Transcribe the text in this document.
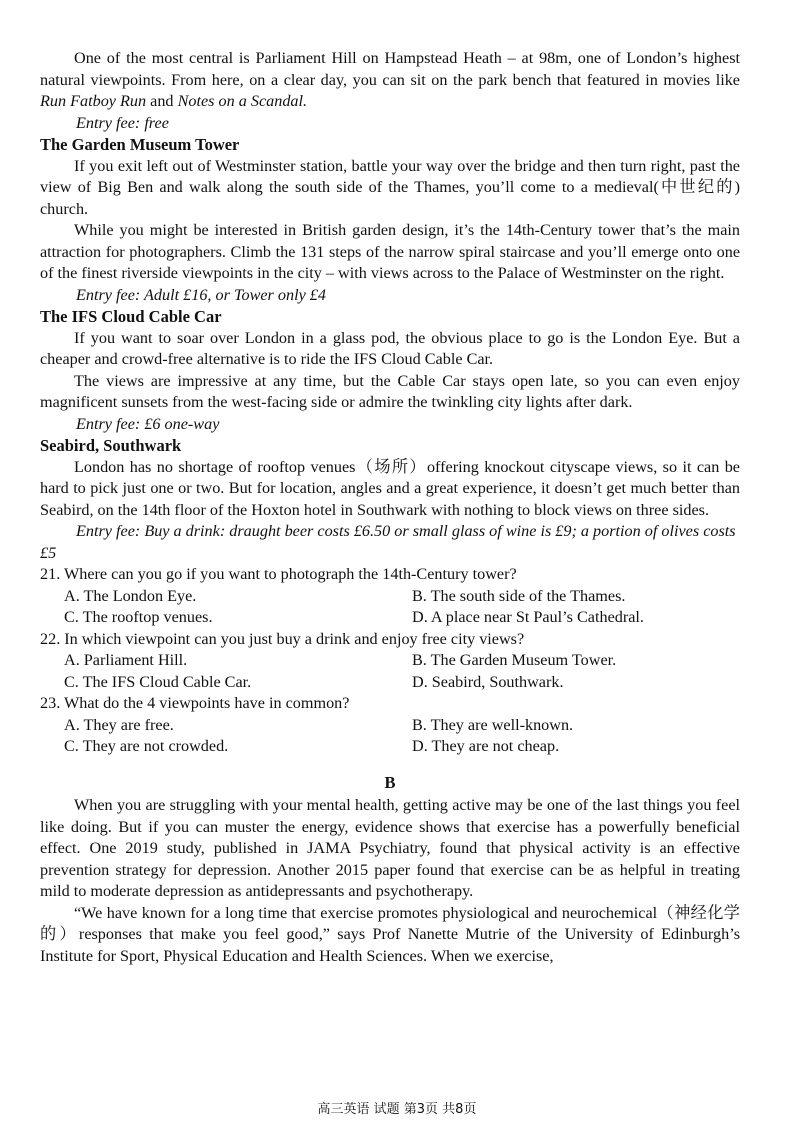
One of the most central is Parliament Hill on Hampstead Heath – at 98m, one of London’s highest natural viewpoints. From here, on a clear day, you can sit on the park bench that featured in movies like Run Fatboy Run and Notes on a Scandal.

Entry fee: free

The Garden Museum Tower

If you exit left out of Westminster station, battle your way over the bridge and then turn right, past the view of Big Ben and walk along the south side of the Thames, you’ll come to a medieval(中世纪的) church.

While you might be interested in British garden design, it’s the 14th-Century tower that’s the main attraction for photographers. Climb the 131 steps of the narrow spiral staircase and you’ll emerge onto one of the finest riverside viewpoints in the city – with views across to the Palace of Westminster on the right.

Entry fee: Adult £16, or Tower only £4

The IFS Cloud Cable Car

If you want to soar over London in a glass pod, the obvious place to go is the London Eye. But a cheaper and crowd-free alternative is to ride the IFS Cloud Cable Car.

The views are impressive at any time, but the Cable Car stays open late, so you can even enjoy magnificent sunsets from the west-facing side or admire the twinkling city lights after dark.

Entry fee: £6 one-way

Seabird, Southwark

London has no shortage of rooftop venues（场所）offering knockout cityscape views, so it can be hard to pick just one or two. But for location, angles and a great experience, it doesn’t get much better than Seabird, on the 14th floor of the Hoxton hotel in Southwark with nothing to block views on three sides.

Entry fee: Buy a drink: draught beer costs £6.50 or small glass of wine is £9; a portion of olives costs £5

21. Where can you go if you want to photograph the 14th-Century tower?

A. The London Eye.	B. The south side of the Thames.
C. The rooftop venues.	D. A place near St Paul’s Cathedral.

22. In which viewpoint can you just buy a drink and enjoy free city views?

A. Parliament Hill.	B. The Garden Museum Tower.
C. The IFS Cloud Cable Car.	D. Seabird, Southwark.

23. What do the 4 viewpoints have in common?

A. They are free.	B. They are well-known.
C. They are not crowded.	D. They are not cheap.

B

When you are struggling with your mental health, getting active may be one of the last things you feel like doing. But if you can muster the energy, evidence shows that exercise has a powerfully beneficial effect. One 2019 study, published in JAMA Psychiatry, found that physical activity is an effective prevention strategy for depression. Another 2015 paper found that exercise can be as helpful in treating mild to moderate depression as antidepressants and psychotherapy.

“We have known for a long time that exercise promotes physiological and neurochemical（神经化学的）responses that make you feel good,” says Prof Nanette Mutrie of the University of Edinburgh’s Institute for Sport, Physical Education and Health Sciences. When we exercise,

高三英语 试题 第3页 共8页
